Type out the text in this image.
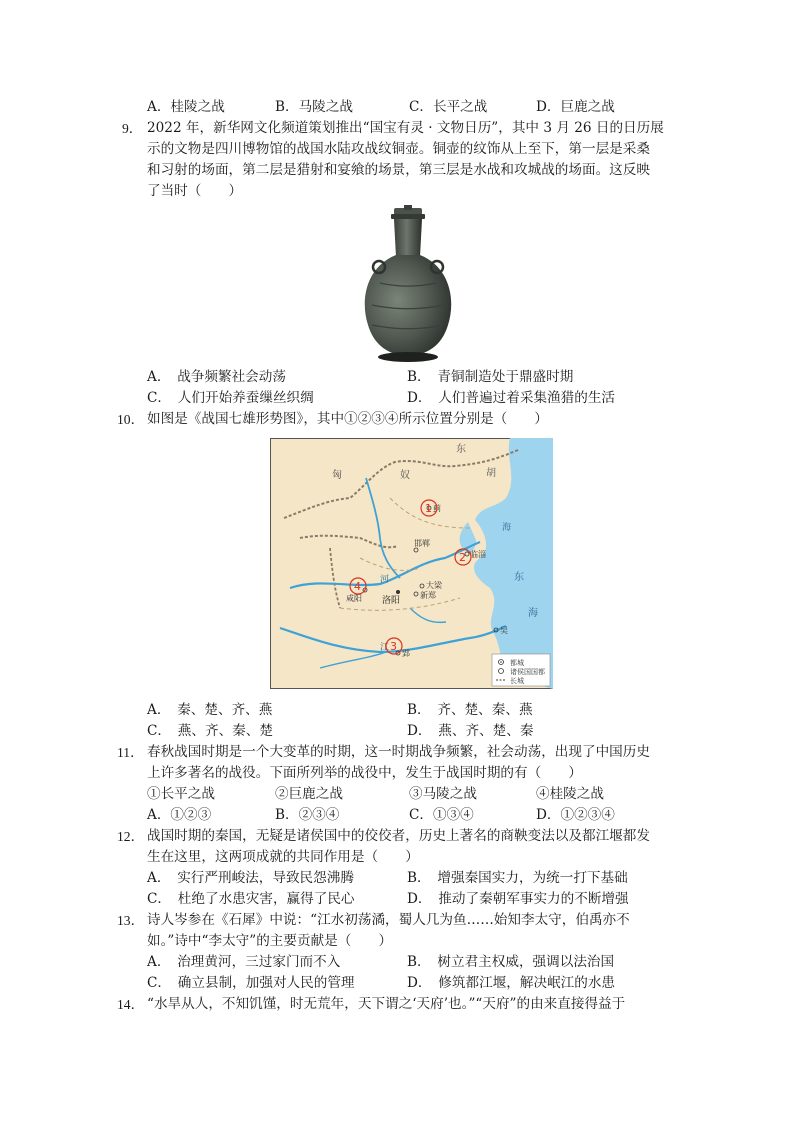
A．桂陵之战	B．马陵之战	C．长平之战	D．巨鹿之战
9． 2022 年，新华网文化频道策划推出“国宝有灵 · 文物日历”，其中 3 月 26 日的日历展
示的文物是四川博物馆的战国水陆攻战纹铜壶。铜壶的纹饰从上至下，第一层是采桑
和习射的场面，第二层是猎射和宴飨的场景，第三层是水战和攻城战的场面。这反映
了当时（　　）
A．　战争频繁社会动荡	B．　青铜制造处于鼎盛时期
C．　人们开始养蚕缫丝织绸	D．　人们普遍过着采集渔猎的生活
10． 如图是《战国七雄形势图》，其中①②③④所示位置分别是（　　）
匈	奴
东
胡
海
东
海
河
江
蓟
邯郸
临淄
洛阳
咸阳
大梁
新郑
郢
吴
1
2
3
4
都城
诸侯国国都
长城
A．　秦、楚、齐、燕	B．　齐、楚、秦、燕
C．　燕、齐、秦、楚	D．　燕、齐、楚、秦
11． 春秋战国时期是一个大变革的时期，这一时期战争频繁，社会动荡，出现了中国历史
上许多著名的战役。下面所列举的战役中，发生于战国时期的有（　　）
①长平之战	②巨鹿之战	③马陵之战	④桂陵之战
A．①②③	B．②③④	C．①③④	D．①②③④
12． 战国时期的秦国，无疑是诸侯国中的佼佼者，历史上著名的商鞅变法以及都江堰都发
生在这里，这两项成就的共同作用是（　　）
A．　实行严刑峻法，导致民怨沸腾	B．　增强秦国实力，为统一打下基础
C．　杜绝了水患灾害，赢得了民心	D．　推动了秦朝军事实力的不断增强
13． 诗人岑参在《石犀》中说：“江水初荡潏，蜀人几为鱼……始知李太守，伯禹亦不
如。”诗中“李太守”的主要贡献是（　　）
A．　治理黄河，三过家门而不入	B．　树立君主权威，强调以法治国
C．　确立县制，加强对人民的管理	D．　修筑都江堰，解决岷江的水患
14． “水旱从人，不知饥馑，时无荒年，天下谓之‘天府’也。”“天府”的由来直接得益于
